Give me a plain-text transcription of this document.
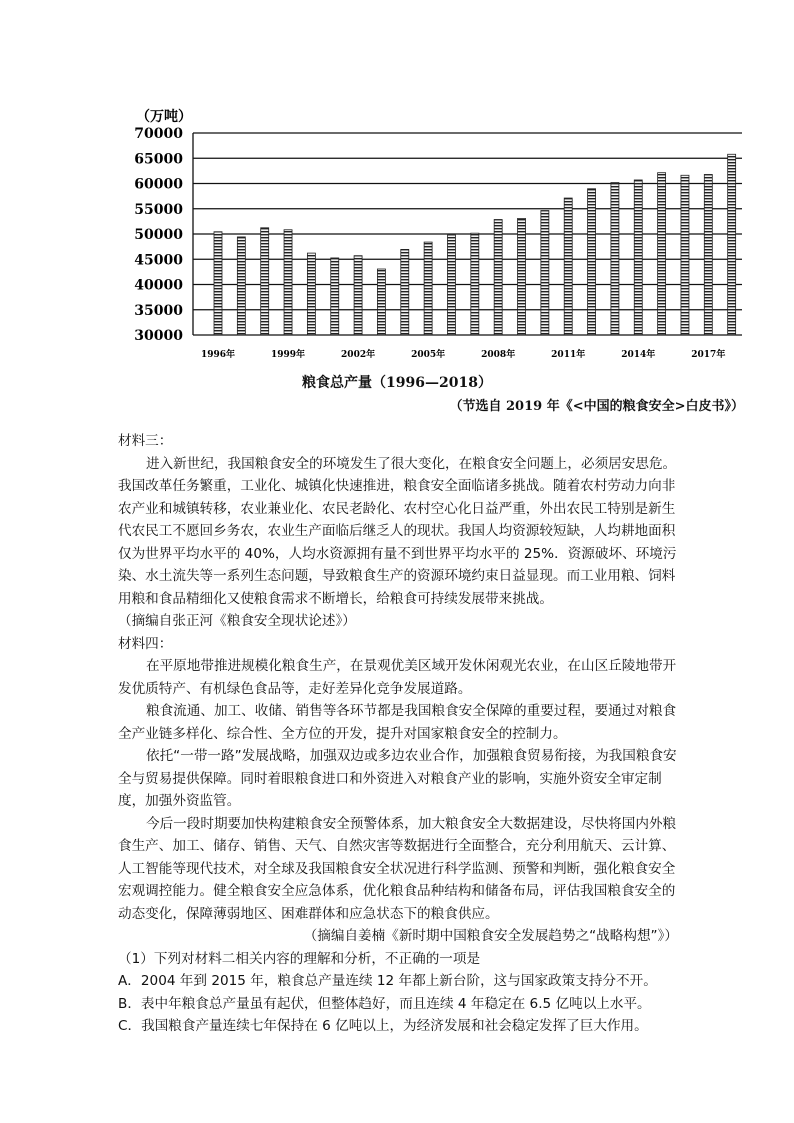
（万吨）
70000
65000
60000
55000
50000
45000
40000
35000
30000
1996年	1999年	2002年	2005年	2008年	2011年	2014年	2017年
粮食总产量（1996—2018）
（节选自 2019 年《<中国的粮食安全>白皮书》）

材料三：

进入新世纪，我国粮食安全的环境发生了很大变化，在粮食安全问题上，必须居安思危。我国改革任务繁重，工业化、城镇化快速推进，粮食安全面临诸多挑战。随着农村劳动力向非农产业和城镇转移，农业兼业化、农民老龄化、农村空心化日益严重，外出农民工特别是新生代农民工不愿回乡务农，农业生产面临后继乏人的现状。我国人均资源较短缺，人均耕地面积仅为世界平均水平的 40%，人均水资源拥有量不到世界平均水平的 25%．资源破坏、环境污染、水土流失等一系列生态问题，导致粮食生产的资源环境约束日益显现。而工业用粮、饲料用粮和食品精细化又使粮食需求不断增长，给粮食可持续发展带来挑战。

（摘编自张正河《粮食安全现状论述》）

材料四：

在平原地带推进规模化粮食生产，在景观优美区域开发休闲观光农业，在山区丘陵地带开发优质特产、有机绿色食品等，走好差异化竞争发展道路。

粮食流通、加工、收储、销售等各环节都是我国粮食安全保障的重要过程，要通过对粮食全产业链多样化、综合性、全方位的开发，提升对国家粮食安全的控制力。

依托“一带一路”发展战略，加强双边或多边农业合作，加强粮食贸易衔接，为我国粮食安全与贸易提供保障。同时着眼粮食进口和外资进入对粮食产业的影响，实施外资安全审定制度，加强外资监管。

今后一段时期要加快构建粮食安全预警体系，加大粮食安全大数据建设，尽快将国内外粮食生产、加工、储存、销售、天气、自然灾害等数据进行全面整合，充分利用航天、云计算、人工智能等现代技术，对全球及我国粮食安全状况进行科学监测、预警和判断，强化粮食安全宏观调控能力。健全粮食安全应急体系，优化粮食品种结构和储备布局，评估我国粮食安全的动态变化，保障薄弱地区、困难群体和应急状态下的粮食供应。

（摘编自姜楠《新时期中国粮食安全发展趋势之“战略构想”》）

（1）下列对材料二相关内容的理解和分析，不正确的一项是

A．2004 年到 2015 年，粮食总产量连续 12 年都上新台阶，这与国家政策支持分不开。

B．表中年粮食总产量虽有起伏，但整体趋好，而且连续 4 年稳定在 6.5 亿吨以上水平。

C．我国粮食产量连续七年保持在 6 亿吨以上，为经济发展和社会稳定发挥了巨大作用。
